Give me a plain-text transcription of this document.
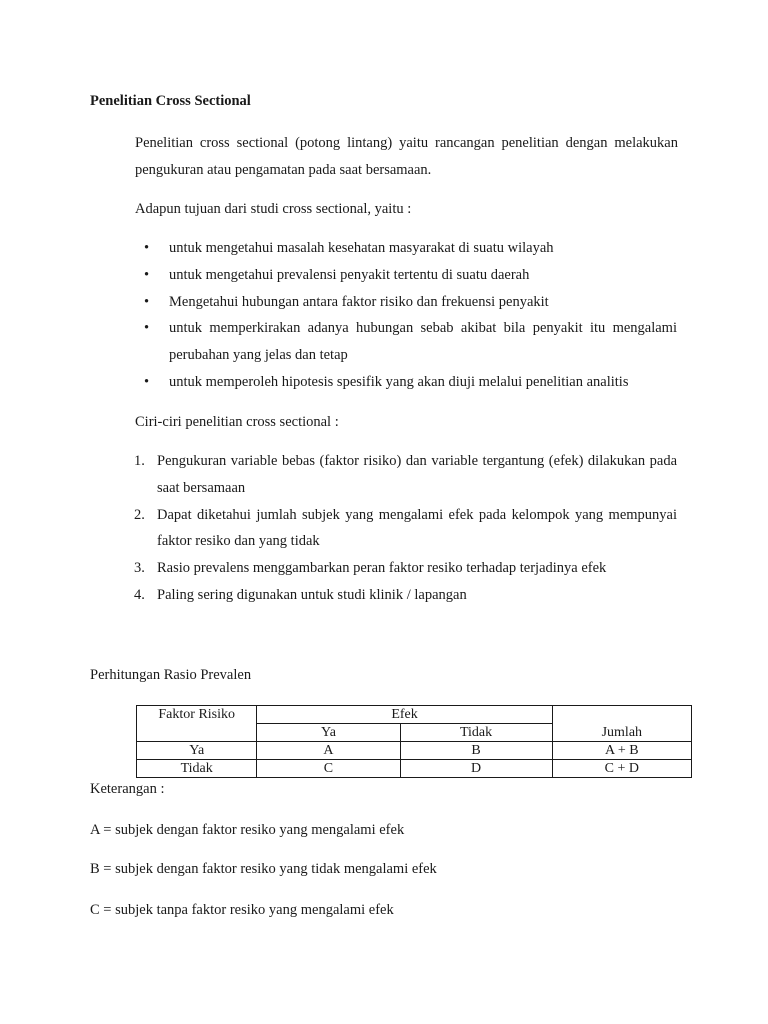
Penelitian Cross Sectional

Penelitian cross sectional (potong lintang) yaitu rancangan penelitian dengan melakukan pengukuran atau pengamatan pada saat bersamaan.

Adapun tujuan dari studi cross sectional, yaitu :

• untuk mengetahui masalah kesehatan masyarakat di suatu wilayah
• untuk mengetahui prevalensi penyakit tertentu di suatu daerah
• Mengetahui hubungan antara faktor risiko dan frekuensi penyakit
• untuk memperkirakan adanya hubungan sebab akibat bila penyakit itu mengalami perubahan yang jelas dan tetap
• untuk memperoleh hipotesis spesifik yang akan diuji melalui penelitian analitis

Ciri-ciri penelitian cross sectional :

1. Pengukuran variable bebas (faktor risiko) dan variable tergantung (efek) dilakukan pada saat bersamaan
2. Dapat diketahui jumlah subjek yang mengalami efek pada kelompok yang mempunyai faktor resiko dan yang tidak
3. Rasio prevalens menggambarkan peran faktor resiko terhadap terjadinya efek
4. Paling sering digunakan untuk studi klinik / lapangan

Perhitungan Rasio Prevalen

Faktor Risiko	Efek		Jumlah
	Ya	Tidak	
Ya	A	B	A + B
Tidak	C	D	C + D

Keterangan :

A = subjek dengan faktor resiko yang mengalami efek

B = subjek dengan faktor resiko yang tidak mengalami efek

C = subjek tanpa faktor resiko yang mengalami efek
